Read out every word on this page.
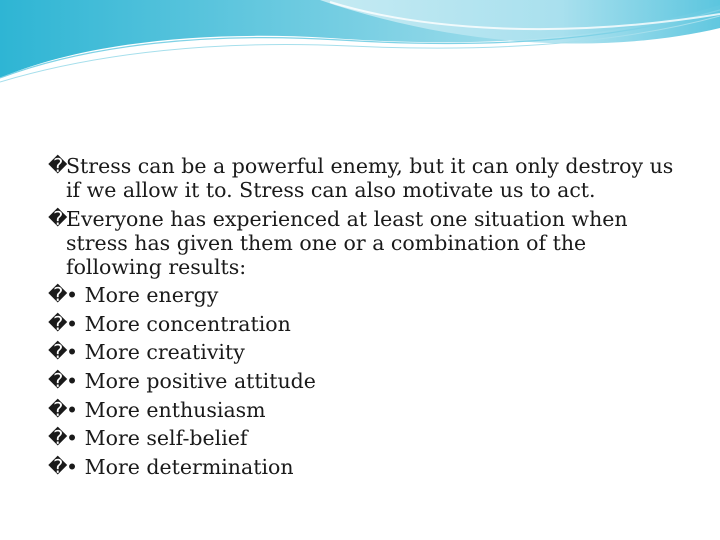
�
Stress can be a powerful enemy, but it can only destroy us if we allow it to. Stress can also motivate us to act.
�
Everyone has experienced at least one situation when stress has given them one or a combination of the following results:
�
• More energy
�
• More concentration
�
• More creativity
�
• More positive attitude
�
• More enthusiasm
�
• More self-belief
�
• More determination
